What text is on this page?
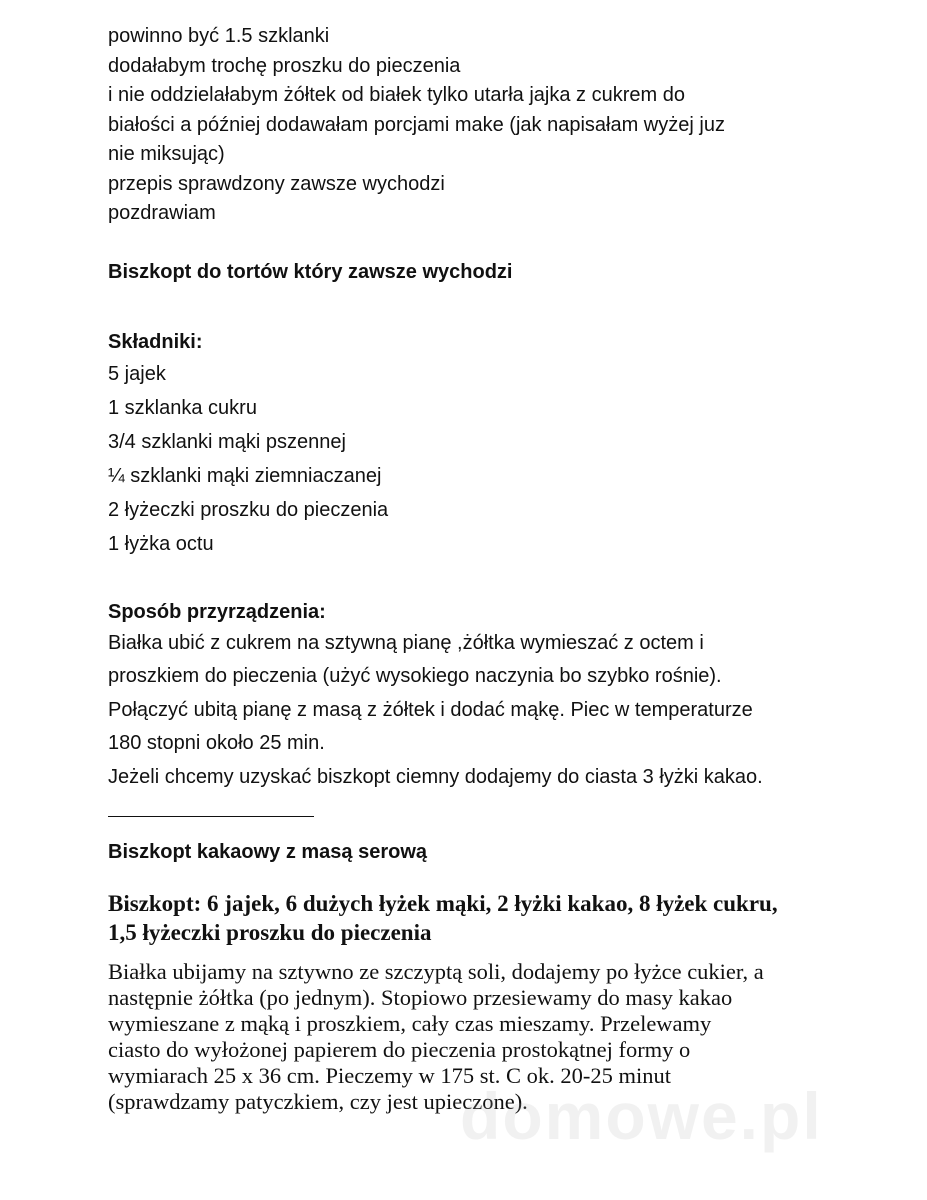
powinno być 1.5 szklanki
dodałabym trochę proszku do pieczenia
i nie oddzielałabym żółtek od białek tylko utarła jajka z cukrem do
białości a później dodawałam porcjami make (jak napisałam wyżej juz
nie miksując)
przepis sprawdzony zawsze wychodzi
pozdrawiam
Biszkopt do tortów który zawsze wychodzi
Składniki:
5 jajek
1 szklanka cukru
3/4 szklanki mąki pszennej
¼ szklanki mąki ziemniaczanej
2 łyżeczki proszku do pieczenia
1 łyżka octu
Sposób przyrządzenia:
Białka ubić z cukrem na sztywną pianę ,żółtka wymieszać z octem i
proszkiem do pieczenia (użyć wysokiego naczynia bo szybko rośnie).
Połączyć ubitą pianę z masą z żółtek i dodać mąkę. Piec w temperaturze
180 stopni około 25 min.
Jeżeli chcemy uzyskać biszkopt ciemny dodajemy do ciasta 3 łyżki kakao.
Biszkopt kakaowy z masą serową
Biszkopt: 6 jajek, 6 dużych łyżek mąki, 2 łyżki kakao, 8 łyżek cukru,
1,5 łyżeczki proszku do pieczenia
Białka ubijamy na sztywno ze szczyptą soli, dodajemy po łyżce cukier, a
następnie żółtka (po jednym). Stopiowo przesiewamy do masy kakao
wymieszane z mąką i proszkiem, cały czas mieszamy. Przelewamy
ciasto do wyłożonej papierem do pieczenia prostokątnej formy o
wymiarach 25 x 36 cm. Pieczemy w 175 st. C ok. 20-25 minut
(sprawdzamy patyczkiem, czy jest upieczone).
domowe.pl
